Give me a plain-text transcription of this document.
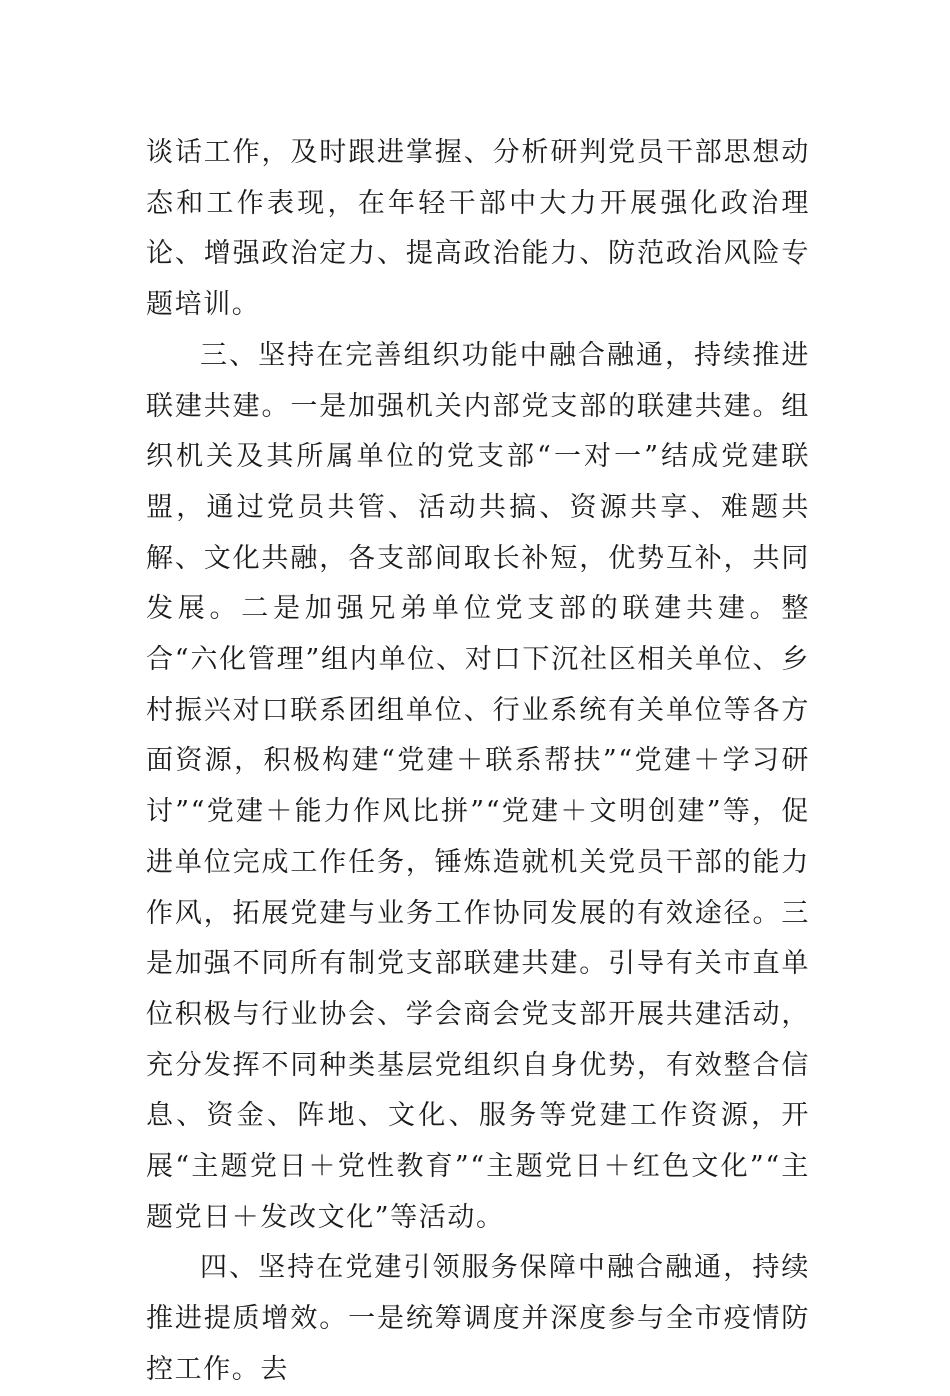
谈话工作，及时跟进掌握、分析研判党员干部思想动态和工作表现，在年轻干部中大力开展强化政治理论、增强政治定力、提高政治能力、防范政治风险专题培训。

三、坚持在完善组织功能中融合融通，持续推进联建共建。一是加强机关内部党支部的联建共建。组织机关及其所属单位的党支部“一对一”结成党建联盟，通过党员共管、活动共搞、资源共享、难题共解、文化共融，各支部间取长补短，优势互补，共同发展。二是加强兄弟单位党支部的联建共建。整合“六化管理”组内单位、对口下沉社区相关单位、乡村振兴对口联系团组单位、行业系统有关单位等各方面资源，积极构建“党建＋联系帮扶”“党建＋学习研讨”“党建＋能力作风比拼”“党建＋文明创建”等，促进单位完成工作任务，锤炼造就机关党员干部的能力作风，拓展党建与业务工作协同发展的有效途径。三是加强不同所有制党支部联建共建。引导有关市直单位积极与行业协会、学会商会党支部开展共建活动，充分发挥不同种类基层党组织自身优势，有效整合信息、资金、阵地、文化、服务等党建工作资源，开展“主题党日＋党性教育”“主题党日＋红色文化”“主题党日＋发改文化”等活动。

四、坚持在党建引领服务保障中融合融通，持续推进提质增效。一是统筹调度并深度参与全市疫情防控工作。去
